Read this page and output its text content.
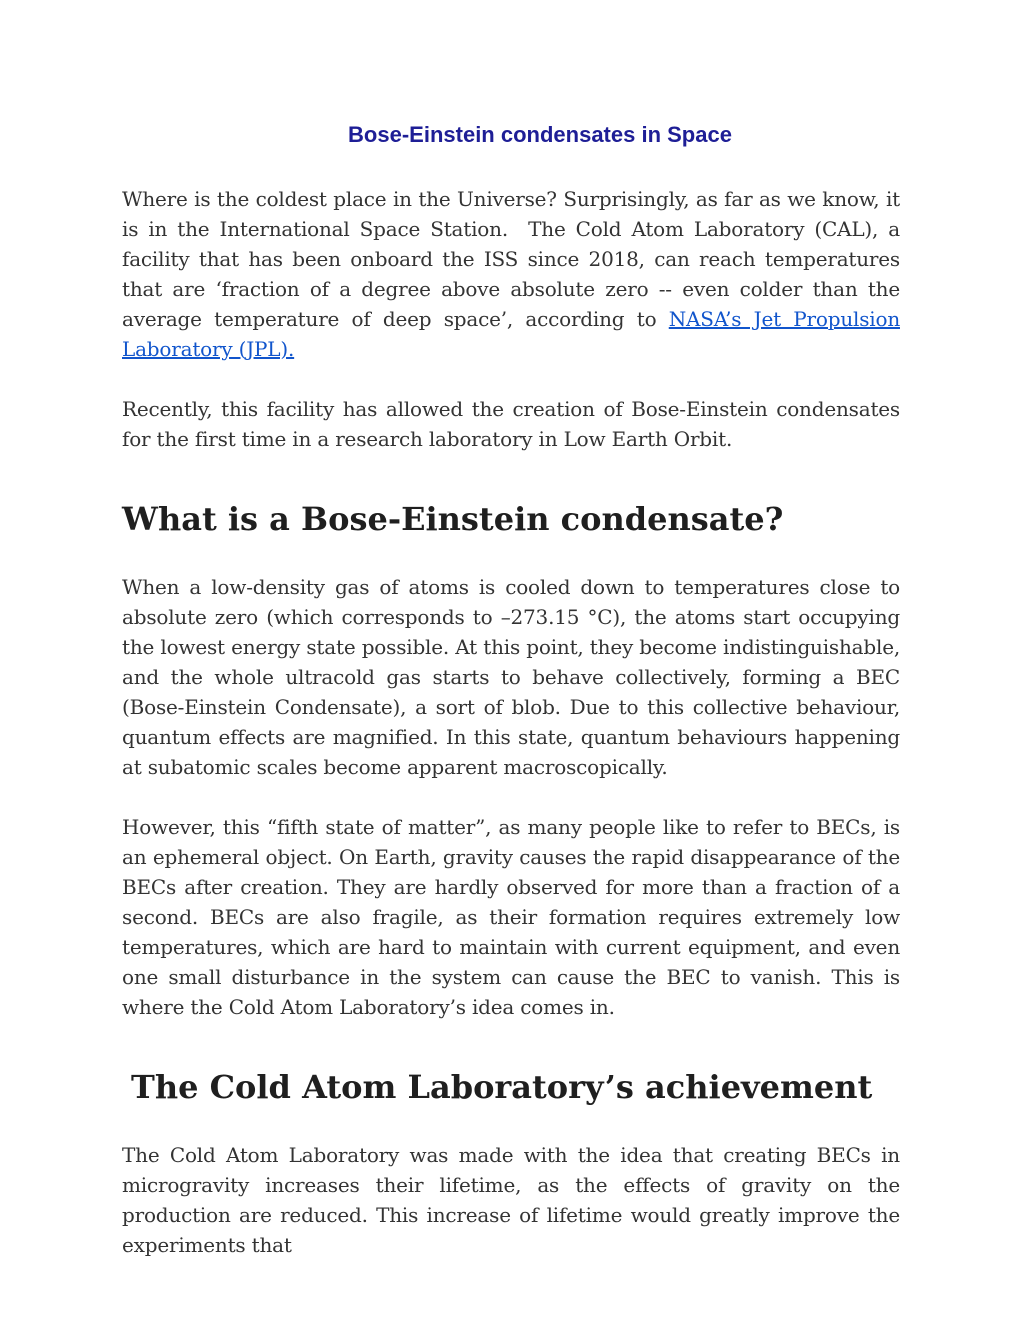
Bose-Einstein condensates in Space

Where is the coldest place in the Universe? Surprisingly, as far as we know, it is in the International Space Station.  The Cold Atom Laboratory (CAL), a facility that has been onboard the ISS since 2018, can reach temperatures that are ‘fraction of a degree above absolute zero -- even colder than the average temperature of deep space’, according to NASA’s Jet Propulsion Laboratory (JPL).

Recently, this facility has allowed the creation of Bose-Einstein condensates for the first time in a research laboratory in Low Earth Orbit.

What is a Bose-Einstein condensate?

When a low-density gas of atoms is cooled down to temperatures close to absolute zero (which corresponds to –273.15 °C), the atoms start occupying the lowest energy state possible. At this point, they become indistinguishable, and the whole ultracold gas starts to behave collectively, forming a BEC (Bose-Einstein Condensate), a sort of blob. Due to this collective behaviour, quantum effects are magnified. In this state, quantum behaviours happening at subatomic scales become apparent macroscopically.

However, this “fifth state of matter”, as many people like to refer to BECs, is an ephemeral object. On Earth, gravity causes the rapid disappearance of the BECs after creation. They are hardly observed for more than a fraction of a second. BECs are also fragile, as their formation requires extremely low temperatures, which are hard to maintain with current equipment, and even one small disturbance in the system can cause the BEC to vanish. This is where the Cold Atom Laboratory’s idea comes in.

The Cold Atom Laboratory’s achievement

The Cold Atom Laboratory was made with the idea that creating BECs in microgravity increases their lifetime, as the effects of gravity on the production are reduced. This increase of lifetime would greatly improve the experiments that
